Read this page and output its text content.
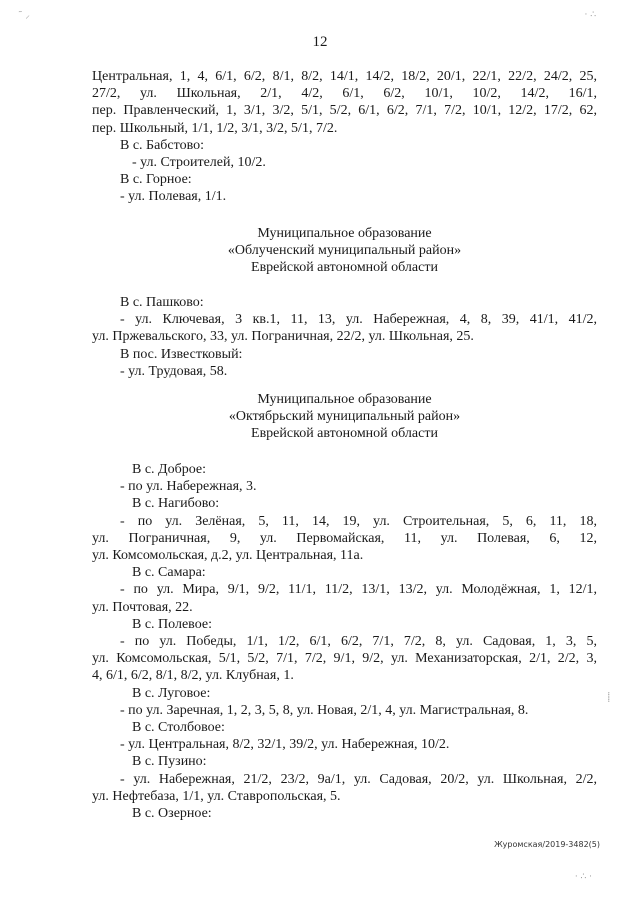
˜ ⸝	· ∴
12
Центральная, 1, 4, 6/1, 6/2, 8/1, 8/2, 14/1, 14/2, 18/2, 20/1, 22/1, 22/2, 24/2, 25,
27/2, ул. Школьная, 2/1, 4/2, 6/1, 6/2, 10/1, 10/2, 14/2, 16/1,
пер. Правленческий, 1, 3/1, 3/2, 5/1, 5/2, 6/1, 6/2, 7/1, 7/2, 10/1, 12/2, 17/2, 62,
пер. Школьный, 1/1, 1/2, 3/1, 3/2, 5/1, 7/2.
В с. Бабстово:
- ул. Строителей, 10/2.
В с. Горное:
- ул. Полевая, 1/1.
Муниципальное образование
«Облученский муниципальный район»
Еврейской автономной области
В с. Пашково:
- ул. Ключевая, 3 кв.1, 11, 13, ул. Набережная, 4, 8, 39, 41/1, 41/2,
ул. Пржевальского, 33, ул. Пограничная, 22/2, ул. Школьная, 25.
В пос. Известковый:
- ул. Трудовая, 58.
Муниципальное образование
«Октябрьский муниципальный район»
Еврейской автономной области
В с. Доброе:
- по ул. Набережная, 3.
В с. Нагибово:
- по ул. Зелёная, 5, 11, 14, 19, ул. Строительная, 5, 6, 11, 18,
ул. Пограничная, 9, ул. Первомайская, 11, ул. Полевая, 6, 12,
ул. Комсомольская, д.2, ул. Центральная, 11а.
В с. Самара:
- по ул. Мира, 9/1, 9/2, 11/1, 11/2, 13/1, 13/2, ул. Молодёжная, 1, 12/1,
ул. Почтовая, 22.
В с. Полевое:
- по ул. Победы, 1/1, 1/2, 6/1, 6/2, 7/1, 7/2, 8, ул. Садовая, 1, 3, 5,
ул. Комсомольская, 5/1, 5/2, 7/1, 7/2, 9/1, 9/2, ул. Механизаторская, 2/1, 2/2, 3,
4, 6/1, 6/2, 8/1, 8/2, ул. Клубная, 1.
В с. Луговое:
- по ул. Заречная, 1, 2, 3, 5, 8, ул. Новая, 2/1, 4, ул. Магистральная, 8.
В с. Столбовое:
- ул. Центральная, 8/2, 32/1, 39/2, ул. Набережная, 10/2.
В с. Пузино:
- ул. Набережная, 21/2, 23/2, 9а/1, ул. Садовая, 20/2, ул. Школьная, 2/2,
ул. Нефтебаза, 1/1, ул. Ставропольская, 5.
В с. Озерное:
⸽
Журомская/2019-3482(5)
· ∴ ·
